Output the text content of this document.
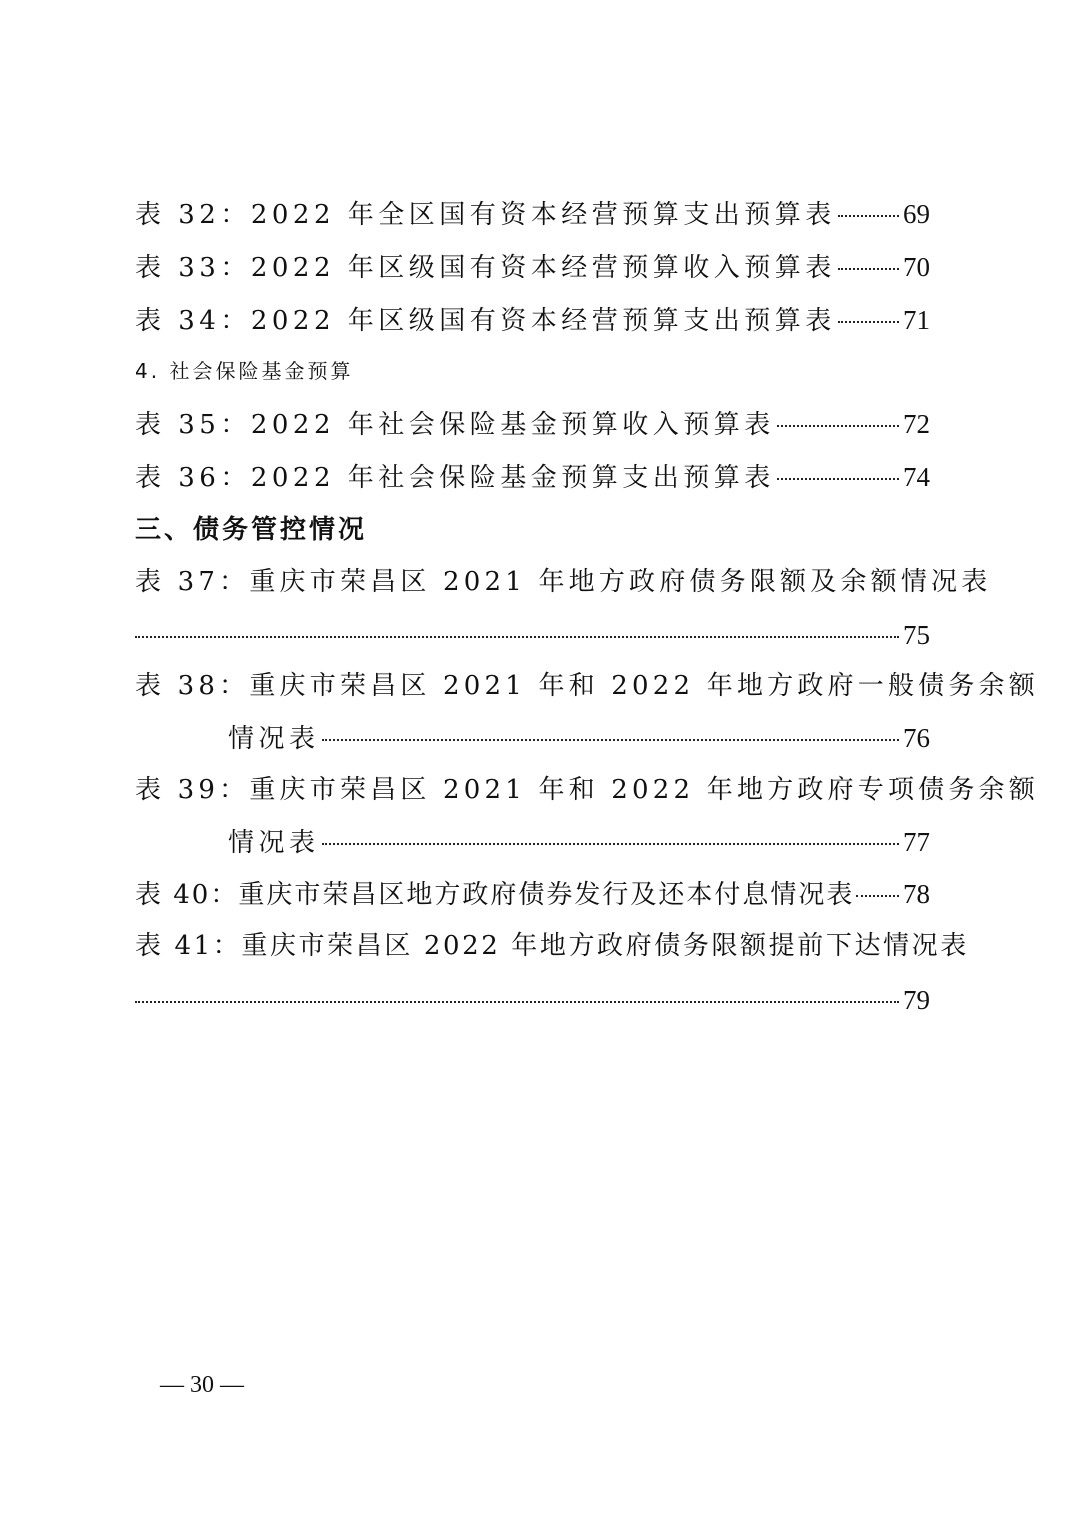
表 32：2022 年全区国有资本经营预算支出预算表 69
表 33：2022 年区级国有资本经营预算收入预算表 70
表 34：2022 年区级国有资本经营预算支出预算表 71
4. 社会保险基金预算
表 35：2022 年社会保险基金预算收入预算表	72
表 36：2022 年社会保险基金预算支出预算表	74
三、债务管控情况
表 37：重庆市荣昌区 2021 年地方政府债务限额及余额情况表
75
表 38：重庆市荣昌区 2021 年和 2022 年地方政府一般债务余额
情况表	76
表 39：重庆市荣昌区 2021 年和 2022 年地方政府专项债务余额
情况表	77
表 40：重庆市荣昌区地方政府债券发行及还本付息情况表 78
表 41：重庆市荣昌区 2022 年地方政府债务限额提前下达情况表
79
— 30 —
